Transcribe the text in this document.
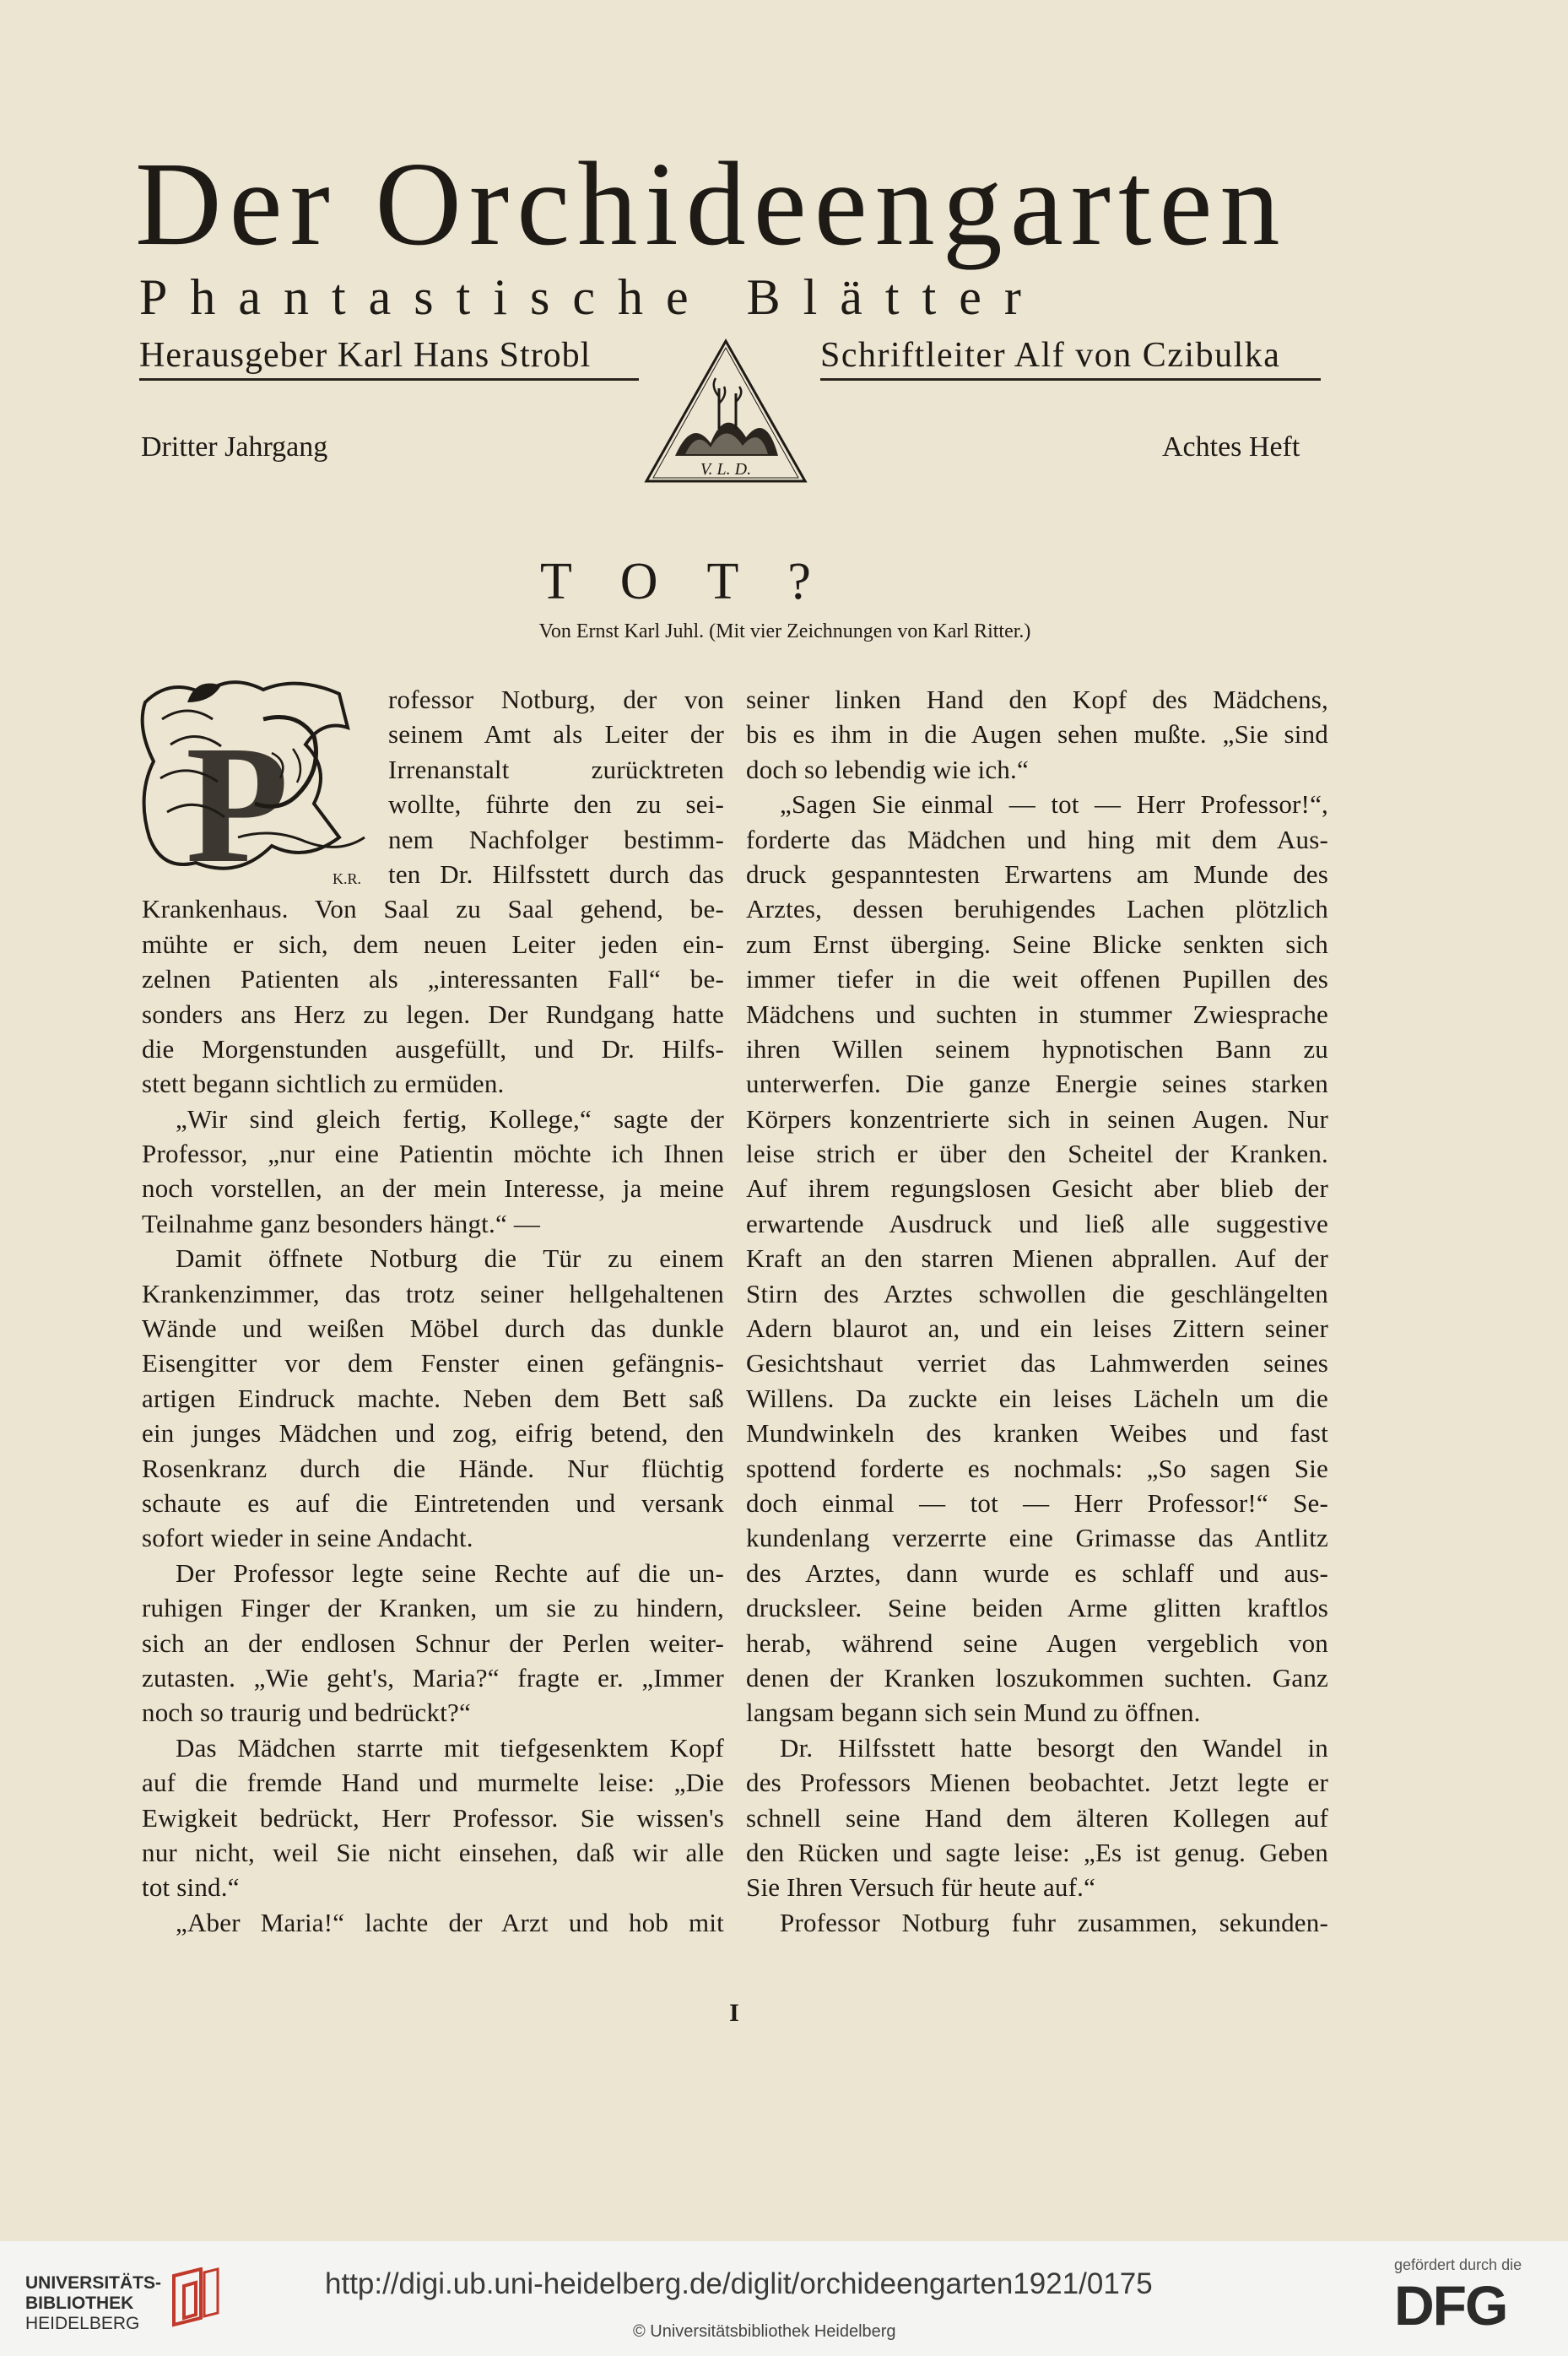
Der Orchideengarten
Phantastische Blätter
Herausgeber Karl Hans Strobl	Schriftleiter Alf von Czibulka
V. L. D.
Dritter Jahrgang	Achtes Heft
TOT?
Von Ernst Karl Juhl. (Mit vier Zeichnungen von Karl Ritter.)
P	K.R.

rofessor Notburg, der von

seinem Amt als Leiter der

Irrenanstalt zurücktreten

wollte, führte den zu sei-

nem Nachfolger bestimm-

ten Dr. Hilfsstett durch das

Krankenhaus. Von Saal zu Saal gehend, be-

mühte er sich, dem neuen Leiter jeden ein-

zelnen Patienten als „interessanten Fall“ be-

sonders ans Herz zu legen. Der Rundgang hatte

die Morgenstunden ausgefüllt, und Dr. Hilfs-

stett begann sichtlich zu ermüden.

„Wir sind gleich fertig, Kollege,“ sagte der

Professor, „nur eine Patientin möchte ich Ihnen

noch vorstellen, an der mein Interesse, ja meine

Teilnahme ganz besonders hängt.“ —

Damit öffnete Notburg die Tür zu einem

Krankenzimmer, das trotz seiner hellgehaltenen

Wände und weißen Möbel durch das dunkle

Eisengitter vor dem Fenster einen gefängnis-

artigen Eindruck machte. Neben dem Bett saß

ein junges Mädchen und zog, eifrig betend, den

Rosenkranz durch die Hände. Nur flüchtig

schaute es auf die Eintretenden und versank

sofort wieder in seine Andacht.

Der Professor legte seine Rechte auf die un-

ruhigen Finger der Kranken, um sie zu hindern,

sich an der endlosen Schnur der Perlen weiter-

zutasten. „Wie geht's, Maria?“ fragte er. „Immer

noch so traurig und bedrückt?“

Das Mädchen starrte mit tiefgesenktem Kopf

auf die fremde Hand und murmelte leise: „Die

Ewigkeit bedrückt, Herr Professor. Sie wissen's

nur nicht, weil Sie nicht einsehen, daß wir alle

tot sind.“

„Aber Maria!“ lachte der Arzt und hob mit

seiner linken Hand den Kopf des Mädchens,

bis es ihm in die Augen sehen mußte. „Sie sind

doch so lebendig wie ich.“

„Sagen Sie einmal — tot — Herr Professor!“,

forderte das Mädchen und hing mit dem Aus-

druck gespanntesten Erwartens am Munde des

Arztes, dessen beruhigendes Lachen plötzlich

zum Ernst überging. Seine Blicke senkten sich

immer tiefer in die weit offenen Pupillen des

Mädchens und suchten in stummer Zwiesprache

ihren Willen seinem hypnotischen Bann zu

unterwerfen. Die ganze Energie seines starken

Körpers konzentrierte sich in seinen Augen. Nur

leise strich er über den Scheitel der Kranken.

Auf ihrem regungslosen Gesicht aber blieb der

erwartende Ausdruck und ließ alle suggestive

Kraft an den starren Mienen abprallen. Auf der

Stirn des Arztes schwollen die geschlängelten

Adern blaurot an, und ein leises Zittern seiner

Gesichtshaut verriet das Lahmwerden seines

Willens. Da zuckte ein leises Lächeln um die

Mundwinkeln des kranken Weibes und fast

spottend forderte es nochmals: „So sagen Sie

doch einmal — tot — Herr Professor!“ Se-

kundenlang verzerrte eine Grimasse das Antlitz

des Arztes, dann wurde es schlaff und aus-

drucksleer. Seine beiden Arme glitten kraftlos

herab, während seine Augen vergeblich von

denen der Kranken loszukommen suchten. Ganz

langsam begann sich sein Mund zu öffnen.

Dr. Hilfsstett hatte besorgt den Wandel in

des Professors Mienen beobachtet. Jetzt legte er

schnell seine Hand dem älteren Kollegen auf

den Rücken und sagte leise: „Es ist genug. Geben

Sie Ihren Versuch für heute auf.“

Professor Notburg fuhr zusammen, sekunden-

I
UNIVERSITÄTS-
BIBLIOTHEK
HEIDELBERG
http://digi.ub.uni-heidelberg.de/diglit/orchideengarten1921/0175
© Universitätsbibliothek Heidelberg
gefördert durch die
DFG
